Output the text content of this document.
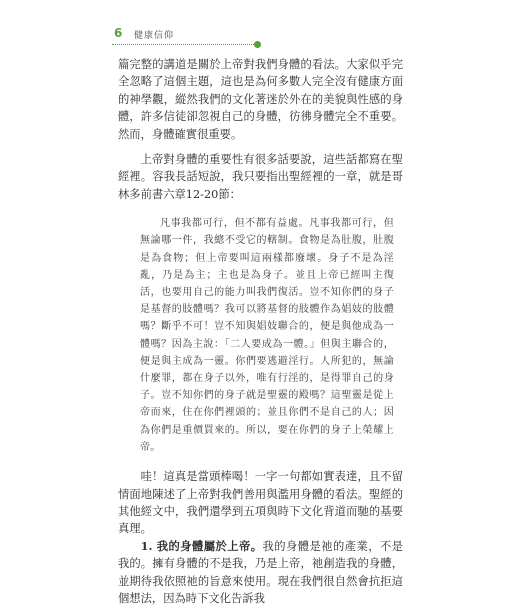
6 健康信仰

篇完整的講道是關於上帝對我們身體的看法。大家似乎完全忽略了這個主題，這也是為何多數人完全沒有健康方面的神學觀，縱然我們的文化著迷於外在的美貌與性感的身體，許多信徒卻忽視自己的身體，彷彿身體完全不重要。然而，身體確實很重要。

上帝對身體的重要性有很多話要說，這些話都寫在聖經裡。容我長話短說，我只要指出聖經裡的一章，就是哥林多前書六章12-20節：

凡事我都可行，但不都有益處。凡事我都可行，但無論哪一件，我總不受它的轄制。食物是為肚腹，肚腹是為食物；但上帝要叫這兩樣都廢壞。身子不是為淫亂，乃是為主；主也是為身子。並且上帝已經叫主復活，也要用自己的能力叫我們復活。豈不知你們的身子是基督的肢體嗎？我可以將基督的肢體作為娼妓的肢體嗎？斷乎不可！豈不知與娼妓聯合的，便是與他成為一體嗎？因為主說：「二人要成為一體。」但與主聯合的，便是與主成為一靈。你們要逃避淫行。人所犯的，無論什麼罪，都在身子以外，唯有行淫的，是得罪自己的身子。豈不知你們的身子就是聖靈的殿嗎？這聖靈是從上帝而來，住在你們裡頭的；並且你們不是自己的人；因為你們是重價買來的。所以，要在你們的身子上榮耀上帝。

哇！這真是當頭棒喝！一字一句都如實表達，且不留情面地陳述了上帝對我們善用與濫用身體的看法。聖經的其他經文中，我們還學到五項與時下文化背道而馳的基要真理。

1. 我的身體屬於上帝。我的身體是祂的產業，不是我的。擁有身體的不是我，乃是上帝，祂創造我的身體，並期待我依照祂的旨意來使用。現在我們很自然會抗拒這個想法，因為時下文化告訴我
